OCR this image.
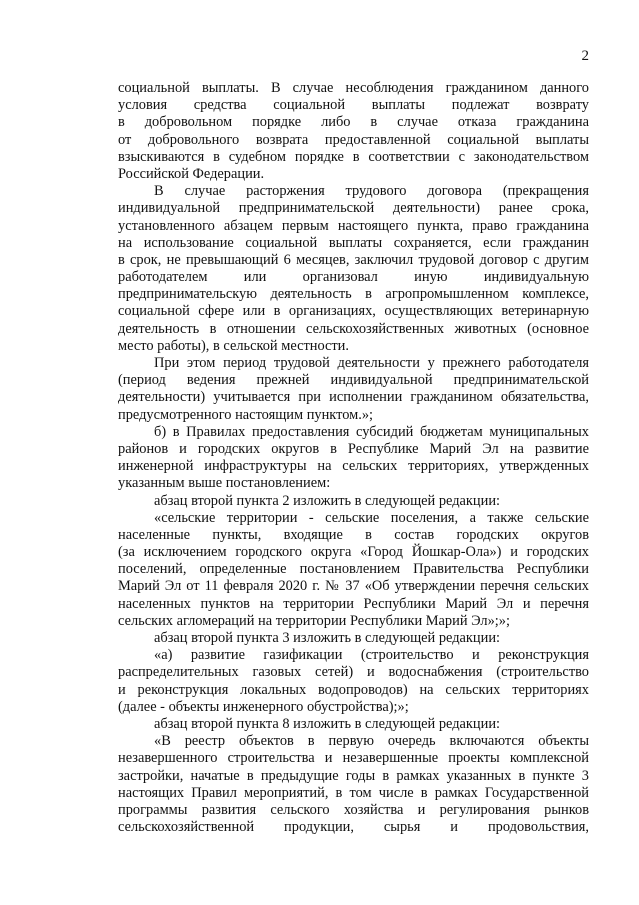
2
социальной выплаты. В случае несоблюдения гражданином данного
условия средства социальной выплаты подлежат возврату
в добровольном порядке либо в случае отказа гражданина
от добровольного возврата предоставленной социальной выплаты
взыскиваются в судебном порядке в соответствии с законодательством
Российской Федерации.
В случае расторжения трудового договора (прекращения
индивидуальной предпринимательской деятельности) ранее срока,
установленного абзацем первым настоящего пункта, право гражданина
на использование социальной выплаты сохраняется, если гражданин
в срок, не превышающий 6 месяцев, заключил трудовой договор с другим
работодателем или организовал иную индивидуальную
предпринимательскую деятельность в агропромышленном комплексе,
социальной сфере или в организациях, осуществляющих ветеринарную
деятельность в отношении сельскохозяйственных животных (основное
место работы), в сельской местности.
При этом период трудовой деятельности у прежнего работодателя
(период ведения прежней индивидуальной предпринимательской
деятельности) учитывается при исполнении гражданином обязательства,
предусмотренного настоящим пунктом.»;
б) в Правилах предоставления субсидий бюджетам муниципальных
районов и городских округов в Республике Марий Эл на развитие
инженерной инфраструктуры на сельских территориях, утвержденных
указанным выше постановлением:
абзац второй пункта 2 изложить в следующей редакции:
«сельские территории - сельские поселения, а также сельские
населенные пункты, входящие в состав городских округов
(за исключением городского округа «Город Йошкар-Ола») и городских
поселений, определенные постановлением Правительства Республики
Марий Эл от 11 февраля 2020 г. № 37 «Об утверждении перечня сельских
населенных пунктов на территории Республики Марий Эл и перечня
сельских агломераций на территории Республики Марий Эл»;»;
абзац второй пункта 3 изложить в следующей редакции:
«а) развитие газификации (строительство и реконструкция
распределительных газовых сетей) и водоснабжения (строительство
и реконструкция локальных водопроводов) на сельских территориях
(далее - объекты инженерного обустройства);»;
абзац второй пункта 8 изложить в следующей редакции:
«В реестр объектов в первую очередь включаются объекты
незавершенного строительства и незавершенные проекты комплексной
застройки, начатые в предыдущие годы в рамках указанных в пункте 3
настоящих Правил мероприятий, в том числе в рамках Государственной
программы развития сельского хозяйства и регулирования рынков
сельскохозяйственной продукции, сырья и продовольствия,
